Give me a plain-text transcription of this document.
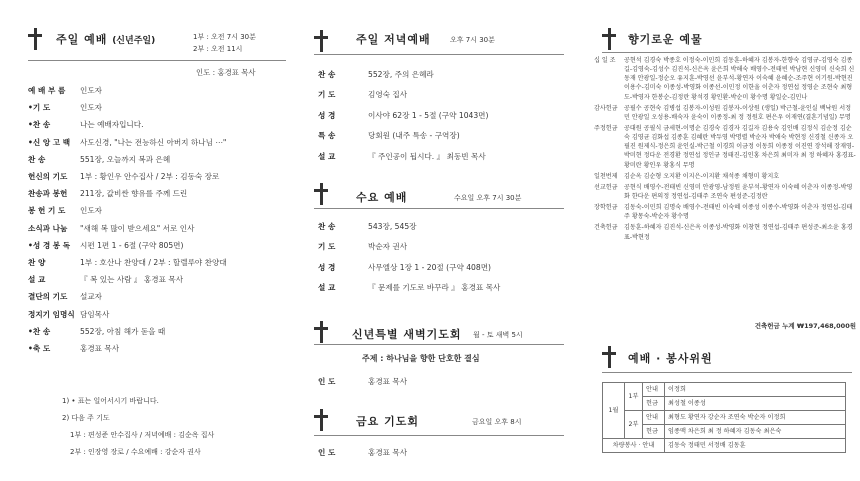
주일 예배 (신년주일)	1부 : 오전 7시 30분
2부 : 오전 11시
인도 : 홍경표 목사
예 배 부 름	인도자
•기 도	인도자
•찬 송	나는 예배자입니다.
•신 앙 고 백	사도신경, "나는 전능하신 아버지 하나님 ⋯"
찬 송	551장, 오늘까지 복과 은혜
헌신의 기도	1부 : 황인우 안수집사 / 2부 : 김동숙 장로
찬송과 봉헌	211장, 값비싼 향유를 주께 드린
봉 헌 기 도	인도자
소식과 나눔	"새해 복 많이 받으세요" 서로 인사
•성 경 봉 독	시편 1편 1 - 6절 (구약 805면)
찬 양	1부 : 호산나 찬양대 / 2부 : 할렐루야 찬양대
설 교	『 복 있는 사람 』 홍경표 목사
결단의 기도	설교자
정지기 임명식 담임목사
•찬 송	552장, 아침 해가 돋을 때
•축 도	홍경표 목사
1) • 표는 일어서시기 바랍니다.
2) 다음 주 기도
1부 : 편성준 안수집사 / 저녁예배 : 김순옥 집사
2부 : 인장영 장로 / 수요예배 : 강순자 권사
주일 저녁예배	오후 7시 30분
찬 송	552장, 주의 은혜라
기 도	김영숙 집사
성 경	이사야 62장 1 - 5절 (구약 1043면)
특 송	당회원 (내주 특송 - 구역장)
설 교	『 주인공이 됩시다. 』 최동빈 목사
수요 예배	수요일 오후 7시 30분
찬 송	543장, 545장
기 도	박순자 권사
성 경	사무엘상 1장 1 - 20절 (구약 408면)
설 교	『 문제를 기도로 바꾸라 』 홍경표 목사
신년특별 새벽기도회 월 - 토 새벽 5시
주제 : 하나님을 향한 단호한 결심
인 도	홍경표 목사
금요 기도회	금요일 오후 8시
인 도	홍경표 목사
향기로운 예물
십 일 조	공현석 김경숙 박종호 이정숙-이민희 김동훈-하혜자 김봉자-한향숙 김영규-김영숙 김종길-김영숙-김성수 김진석-신은옥 윤은희 박해숙 배영수-전태빈 박남현 신영미 신숙희 신동재 안광일-정순오 유지훈-박영선 윤부석-황연자 이숙혜 윤혜순-조주현 이기원-박현진 이용수-김미숙 이종성-박영화 이종선-이민정 이한울 이춘자 정연섭 정영순 조현숙 최형도-박영자 한봉순-김정란 황석경 황인환-박순미 황수명 황일순-김민나
감사헌금	공필수 공현숙 김병섭 김봉자-이성원 김봉자-이상원 (생일) 박근철-윤인실 백낙원 서정민 안광일 오성용-배숙자 윤숙이 이종정-최 정 정원호 편은우 이재연(결혼기념일) 무명
주정헌금	공대원 공필식 금세현-이명순 김경숙 김경자 김길자 김용숙 김인배 김정식 김순정 김순숙 김영균 김화섭 김종훈 김혜란 박두영 박명렬 박순자 박애숙 박현정 신경철 신종자 오필진 원제식-정은희 윤인실-박근철 이경희 이금정 이동희 이종정 이진연 장석해 장재영-박미현 정다운 전경환 정연섭 정인규 정태진-김인홍 차은희 최미자 최 정 하혜자 홍경표-황미란 황인우 황홍식 무명
일천번제	김순옥 김순형 오지환 이지은-이지환 채석종 채형미 황지호
선교헌금	공현식 배영수-전태빈 신영미 안광영-남정원 윤부석-황연자 이숙혜 이춘자 이종정-박영화 한다운 편의정 정연섭-김태주 조연숙 편성준-김정란
장학헌금	김동숙-이민희 김명숙 배영수-전태빈 이숙혜 이종성 이종수-박영화 이춘자 정연섭-김태주 황몽숙-박순자 황수명
건축헌금	김동훈-하혜자 김진석-신은옥 이종성-박영화 이창현 정연섭-김태주 편성준-최소윤 홍경표-박현정
건축헌금 누계 ₩197,468,000원
예배 · 봉사위원
1월	1부	안내	이정희
		헌금	최성철 이종성
	2부	안내	최형도 황연자 강순자 조연숙 박순자 이정희
		헌금	임종맥 차은희 최 정 하혜자 김동숙 최은숙
차량봉사 · 안내			김동숙 정태민 서정배 김동훈
